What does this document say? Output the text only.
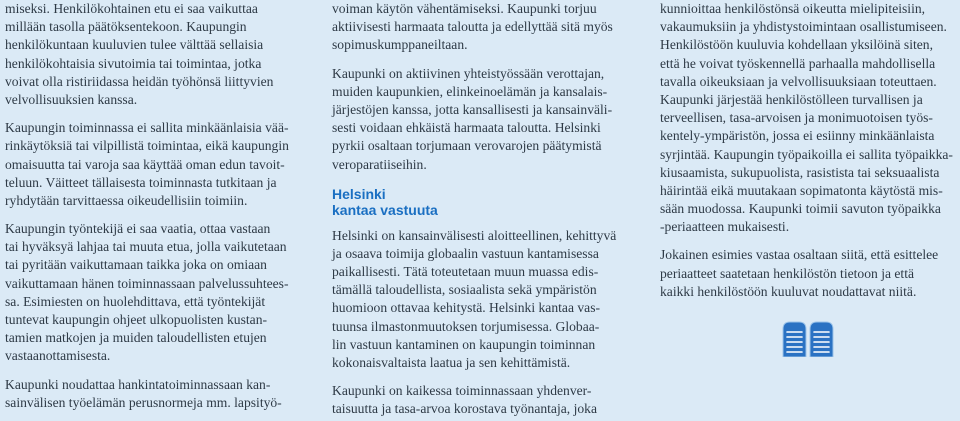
miseksi. Henkilökohtainen etu ei saa vaikuttaa
millään tasolla päätöksentekoon. Kaupungin
henkilökuntaan kuuluvien tulee välttää sellaisia
henkilökohtaisia sivutoimia tai toimintaa, jotka
voivat olla ristiriidassa heidän työhönsä liittyvien
velvollisuuksien kanssa.

Kaupungin toiminnassa ei sallita minkäänlaisia vää-
rinkäytöksiä tai vilpillistä toimintaa, eikä kaupungin
omaisuutta tai varoja saa käyttää oman edun tavoit-
teluun. Väitteet tällaisesta toiminnasta tutkitaan ja
ryhdytään tarvittaessa oikeudellisiin toimiin.

Kaupungin työntekijä ei saa vaatia, ottaa vastaan
tai hyväksyä lahjaa tai muuta etua, jolla vaikutetaan
tai pyritään vaikuttamaan taikka joka on omiaan
vaikuttamaan hänen toiminnassaan palvelussuhtees-
sa. Esimiesten on huolehdittava, että työntekijät
tuntevat kaupungin ohjeet ulkopuolisten kustan-
tamien matkojen ja muiden taloudellisten etujen
vastaanottamisesta.

Kaupunki noudattaa hankintatoiminnassaan kan-
sainvälisen työelämän perusnormeja mm. lapsityö-

voiman käytön vähentämiseksi. Kaupunki torjuu
aktiivisesti harmaata taloutta ja edellyttää sitä myös
sopimuskumppaneiltaan.

Kaupunki on aktiivinen yhteistyössään verottajan,
muiden kaupunkien, elinkeinoelämän ja kansalais-
järjestöjen kanssa, jotta kansallisesti ja kansainväli-
sesti voidaan ehkäistä harmaata taloutta. Helsinki
pyrkii osaltaan torjumaan verovarojen päätymistä
veroparatiiseihin.

Helsinki
kantaa vastuuta

Helsinki on kansainvälisesti aloitteellinen, kehittyvä
ja osaava toimija globaalin vastuun kantamisessa
paikallisesti. Tätä toteutetaan muun muassa edis-
tämällä taloudellista, sosiaalista sekä ympäristön
huomioon ottavaa kehitystä. Helsinki kantaa vas-
tuunsa ilmastonmuutoksen torjumisessa. Globaa-
lin vastuun kantaminen on kaupungin toiminnan
kokonaisvaltaista laatua ja sen kehittämistä.

Kaupunki on kaikessa toiminnassaan yhdenver-
taisuutta ja tasa-arvoa korostava työnantaja, joka

kunnioittaa henkilöstönsä oikeutta mielipiteisiin,
vakaumuksiin ja yhdistystoimintaan osallistumiseen.
Henkilöstöön kuuluvia kohdellaan yksilöinä siten,
että he voivat työskennellä parhaalla mahdollisella
tavalla oikeuksiaan ja velvollisuuksiaan toteuttaen.
Kaupunki järjestää henkilöstölleen turvallisen ja
terveellisen, tasa-arvoisen ja monimuotoisen työs-
kentely-ympäristön, jossa ei esiinny minkäänlaista
syrjintää. Kaupungin työpaikoilla ei sallita työpaikka-
kiusaamista, sukupuolista, rasistista tai seksuaalista
häirintää eikä muutakaan sopimatonta käytöstä mis-
sään muodossa. Kaupunki toimii savuton työpaikka
-periaatteen mukaisesti.

Jokainen esimies vastaa osaltaan siitä, että esittelee
periaatteet saatetaan henkilöstön tietoon ja että
kaikki henkilöstöön kuuluvat noudattavat niitä.
